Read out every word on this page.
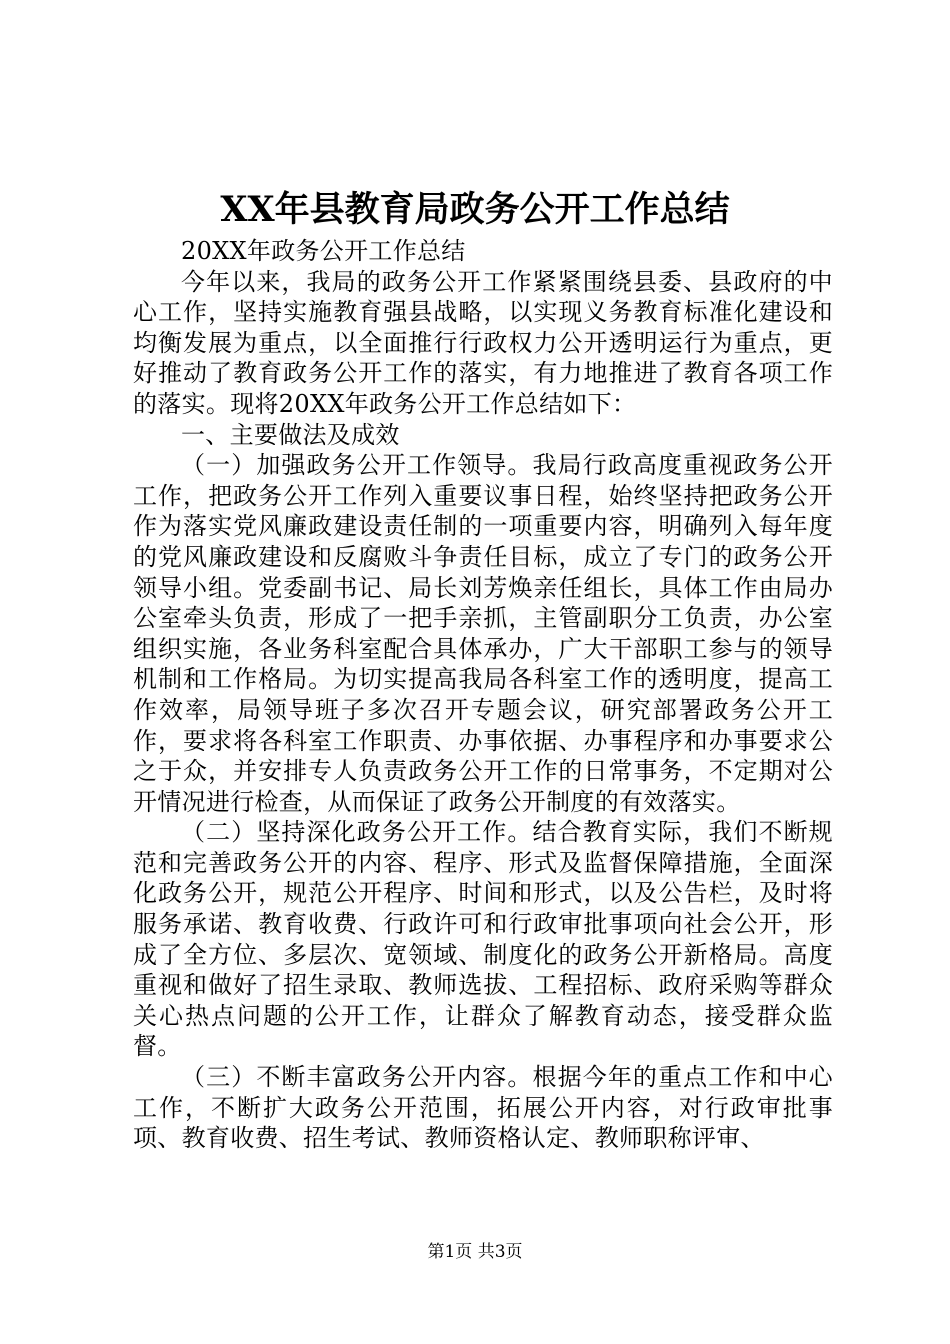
XX年县教育局政务公开工作总结

20XX年政务公开工作总结

今年以来，我局的政务公开工作紧紧围绕县委、县政府的中心工作，坚持实施教育强县战略，以实现义务教育标准化建设和均衡发展为重点，以全面推行行政权力公开透明运行为重点，更好推动了教育政务公开工作的落实，有力地推进了教育各项工作的落实。现将20XX年政务公开工作总结如下：

一、主要做法及成效

（一）加强政务公开工作领导。我局行政高度重视政务公开工作，把政务公开工作列入重要议事日程，始终坚持把政务公开作为落实党风廉政建设责任制的一项重要内容，明确列入每年度的党风廉政建设和反腐败斗争责任目标，成立了专门的政务公开领导小组。党委副书记、局长刘芳焕亲任组长，具体工作由局办公室牵头负责，形成了一把手亲抓，主管副职分工负责，办公室组织实施，各业务科室配合具体承办，广大干部职工参与的领导机制和工作格局。为切实提高我局各科室工作的透明度，提高工作效率，局领导班子多次召开专题会议，研究部署政务公开工作，要求将各科室工作职责、办事依据、办事程序和办事要求公之于众，并安排专人负责政务公开工作的日常事务，不定期对公开情况进行检查，从而保证了政务公开制度的有效落实。

（二）坚持深化政务公开工作。结合教育实际，我们不断规范和完善政务公开的内容、程序、形式及监督保障措施，全面深化政务公开，规范公开程序、时间和形式，以及公告栏，及时将服务承诺、教育收费、行政许可和行政审批事项向社会公开，形成了全方位、多层次、宽领域、制度化的政务公开新格局。高度重视和做好了招生录取、教师选拔、工程招标、政府采购等群众关心热点问题的公开工作，让群众了解教育动态，接受群众监督。

（三）不断丰富政务公开内容。根据今年的重点工作和中心工作，不断扩大政务公开范围，拓展公开内容，对行政审批事项、教育收费、招生考试、教师资格认定、教师职称评审、

第1页 共3页
